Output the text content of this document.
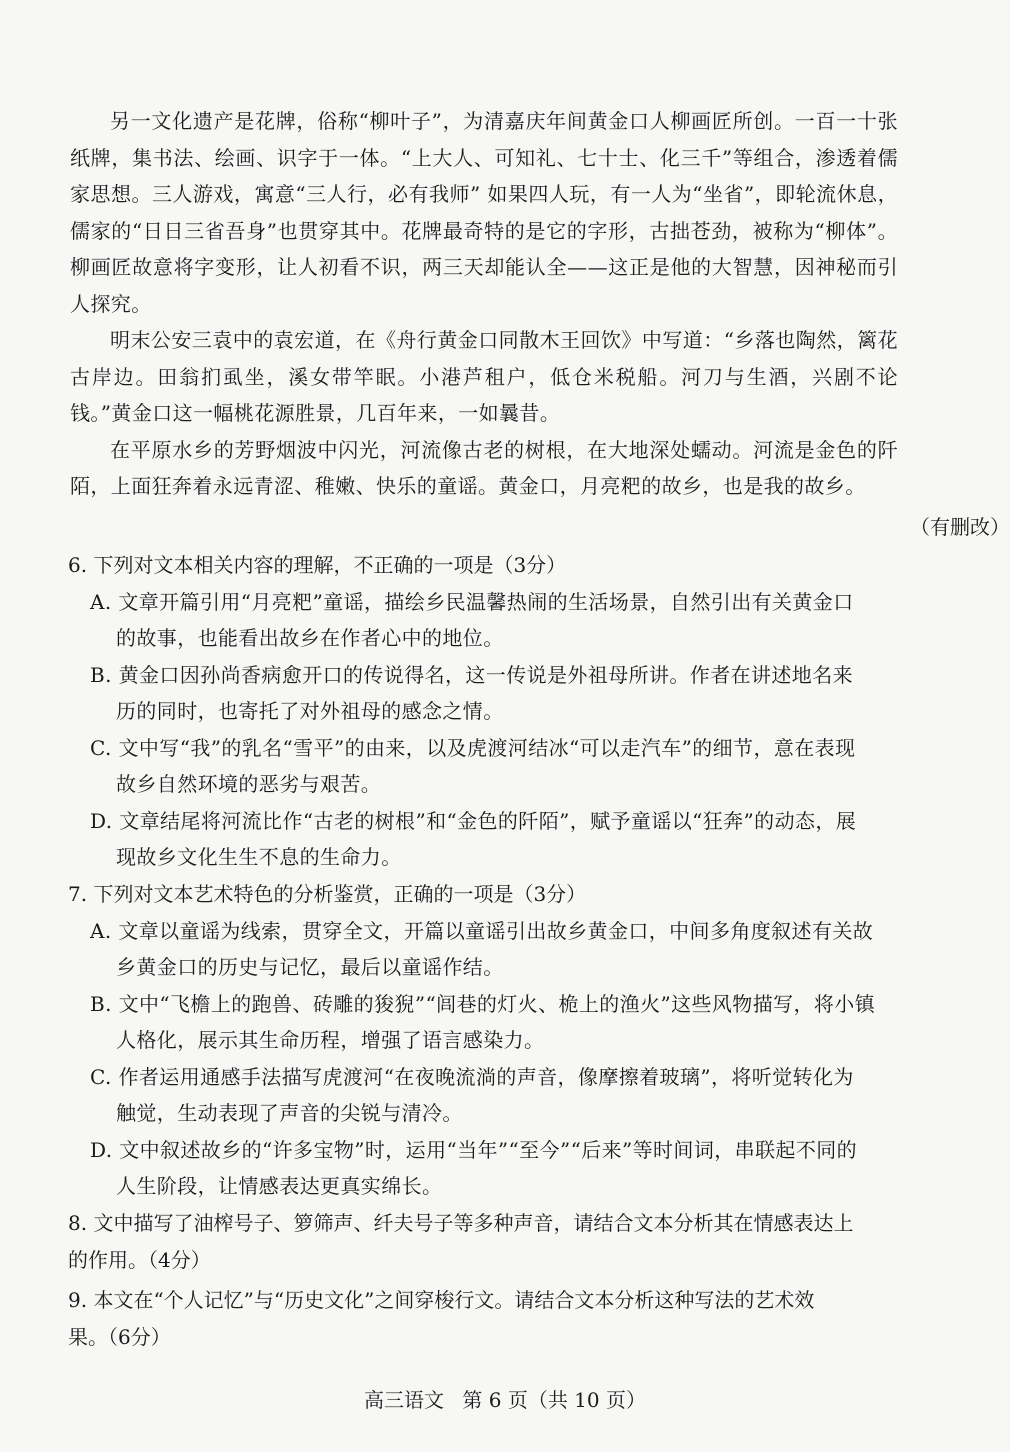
另一文化遗产是花牌，俗称“柳叶子”，为清嘉庆年间黄金口人柳画匠所创。一百一十张纸牌，集书法、绘画、识字于一体。“上大人、可知礼、七十士、化三千”等组合，渗透着儒家思想。三人游戏，寓意“三人行，必有我师” 如果四人玩，有一人为“坐省”，即轮流休息，儒家的“日日三省吾身”也贯穿其中。花牌最奇特的是它的字形，古拙苍劲，被称为“柳体”。柳画匠故意将字变形，让人初看不识，两三天却能认全——这正是他的大智慧，因神秘而引人探究。

明末公安三袁中的袁宏道，在《舟行黄金口同散木王回饮》中写道：“乡落也陶然，篱花古岸边。田翁扪虱坐，溪女带竿眠。小港芦租户，低仓米税船。河刀与生酒，兴剧不论钱。”黄金口这一幅桃花源胜景，几百年来，一如曩昔。

在平原水乡的芳野烟波中闪光，河流像古老的树根，在大地深处蠕动。河流是金色的阡陌，上面狂奔着永远青涩、稚嫩、快乐的童谣。黄金口，月亮粑的故乡，也是我的故乡。

（有删改）

6. 下列对文本相关内容的理解，不正确的一项是（3分）

A. 文章开篇引用“月亮粑”童谣，描绘乡民温馨热闹的生活场景，自然引出有关黄金口
的故事，也能看出故乡在作者心中的地位。
B. 黄金口因孙尚香病愈开口的传说得名，这一传说是外祖母所讲。作者在讲述地名来
历的同时，也寄托了对外祖母的感念之情。
C. 文中写“我”的乳名“雪平”的由来，以及虎渡河结冰“可以走汽车”的细节，意在表现
故乡自然环境的恶劣与艰苦。
D. 文章结尾将河流比作“古老的树根”和“金色的阡陌”，赋予童谣以“狂奔”的动态，展
现故乡文化生生不息的生命力。

7. 下列对文本艺术特色的分析鉴赏，正确的一项是（3分）

A. 文章以童谣为线索，贯穿全文，开篇以童谣引出故乡黄金口，中间多角度叙述有关故
乡黄金口的历史与记忆，最后以童谣作结。
B. 文中“飞檐上的跑兽、砖雕的狻猊”“闾巷的灯火、桅上的渔火”这些风物描写，将小镇
人格化，展示其生命历程，增强了语言感染力。
C. 作者运用通感手法描写虎渡河“在夜晚流淌的声音，像摩擦着玻璃”，将听觉转化为
触觉，生动表现了声音的尖锐与清冷。
D. 文中叙述故乡的“许多宝物”时，运用“当年”“至今”“后来”等时间词，串联起不同的
人生阶段，让情感表达更真实绵长。

8. 文中描写了油榨号子、箩筛声、纤夫号子等多种声音，请结合文本分析其在情感表达上

的作用。（4分）

9. 本文在“个人记忆”与“历史文化”之间穿梭行文。请结合文本分析这种写法的艺术效

果。（6分）

高三语文 第 6 页（共 10 页）
